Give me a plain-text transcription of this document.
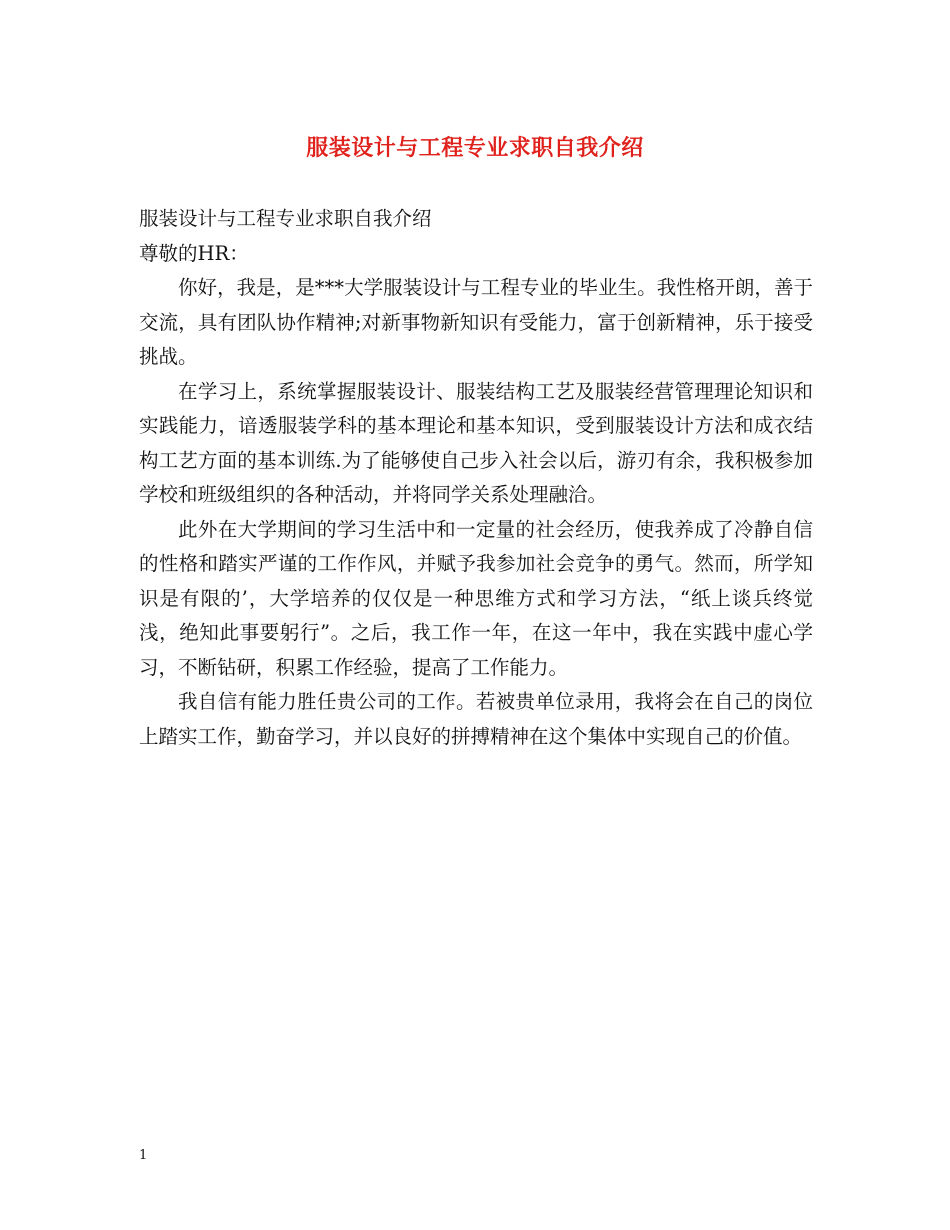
服装设计与工程专业求职自我介绍

服装设计与工程专业求职自我介绍

尊敬的HR：

你好，我是，是***大学服装设计与工程专业的毕业生。我性格开朗，善于交流，具有团队协作精神;对新事物新知识有受能力，富于创新精神，乐于接受挑战。

在学习上，系统掌握服装设计、服装结构工艺及服装经营管理理论知识和实践能力，谙透服装学科的基本理论和基本知识，受到服装设计方法和成衣结构工艺方面的基本训练.为了能够使自己步入社会以后，游刃有余，我积极参加学校和班级组织的各种活动，并将同学关系处理融洽。

此外在大学期间的学习生活中和一定量的社会经历，使我养成了冷静自信的性格和踏实严谨的工作作风，并赋予我参加社会竞争的勇气。然而，所学知识是有限的’，大学培养的仅仅是一种思维方式和学习方法，“纸上谈兵终觉浅，绝知此事要躬行”。之后，我工作一年，在这一年中，我在实践中虚心学习，不断钻研，积累工作经验，提高了工作能力。

我自信有能力胜任贵公司的工作。若被贵单位录用，我将会在自己的岗位上踏实工作，勤奋学习，并以良好的拼搏精神在这个集体中实现自己的价值。

1
